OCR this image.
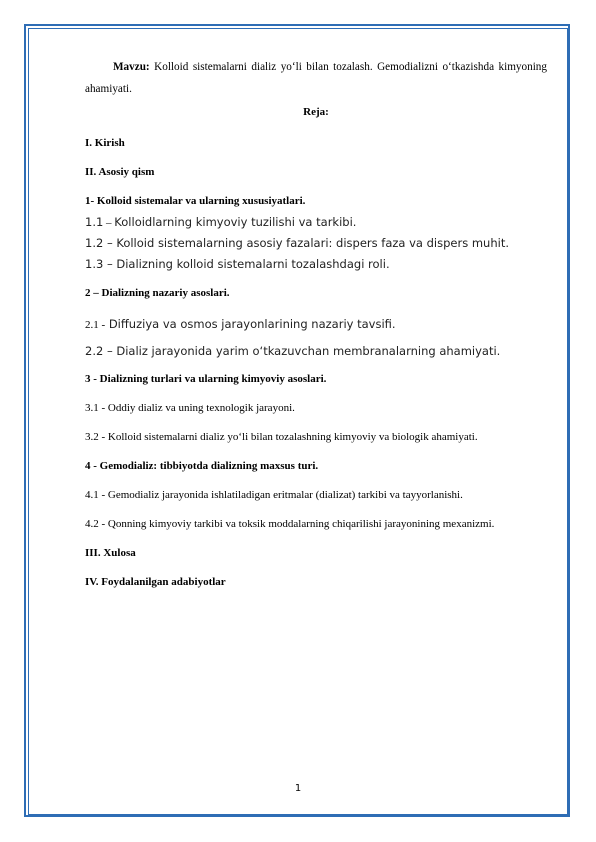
Mavzu: Kolloid sistemalarni dializ yo‘li bilan tozalash. Gemodializni o‘tkazishda kimyoning ahamiyati.
Reja:
I. Kirish
II. Asosiy qism
1- Kolloid sistemalar va ularning xususiyatlari.
1.1 – Kolloidlarning kimyoviy tuzilishi va tarkibi.
1.2 – Kolloid sistemalarning asosiy fazalari: dispers faza va dispers muhit.
1.3 – Dializning kolloid sistemalarni tozalashdagi roli.
2 – Dializning nazariy asoslari.
2.1 - Diffuziya va osmos jarayonlarining nazariy tavsifi.
2.2 – Dializ jarayonida yarim o‘tkazuvchan membranalarning ahamiyati.
3 - Dializning turlari va ularning kimyoviy asoslari.
3.1 - Oddiy dializ va uning texnologik jarayoni.
3.2 - Kolloid sistemalarni dializ yo‘li bilan tozalashning kimyoviy va biologik ahamiyati.
4 - Gemodializ: tibbiyotda dializning maxsus turi.
4.1 - Gemodializ jarayonida ishlatiladigan eritmalar (dializat) tarkibi va tayyorlanishi.
4.2 - Qonning kimyoviy tarkibi va toksik moddalarning chiqarilishi jarayonining mexanizmi.
III. Xulosa
IV. Foydalanilgan adabiyotlar
1
